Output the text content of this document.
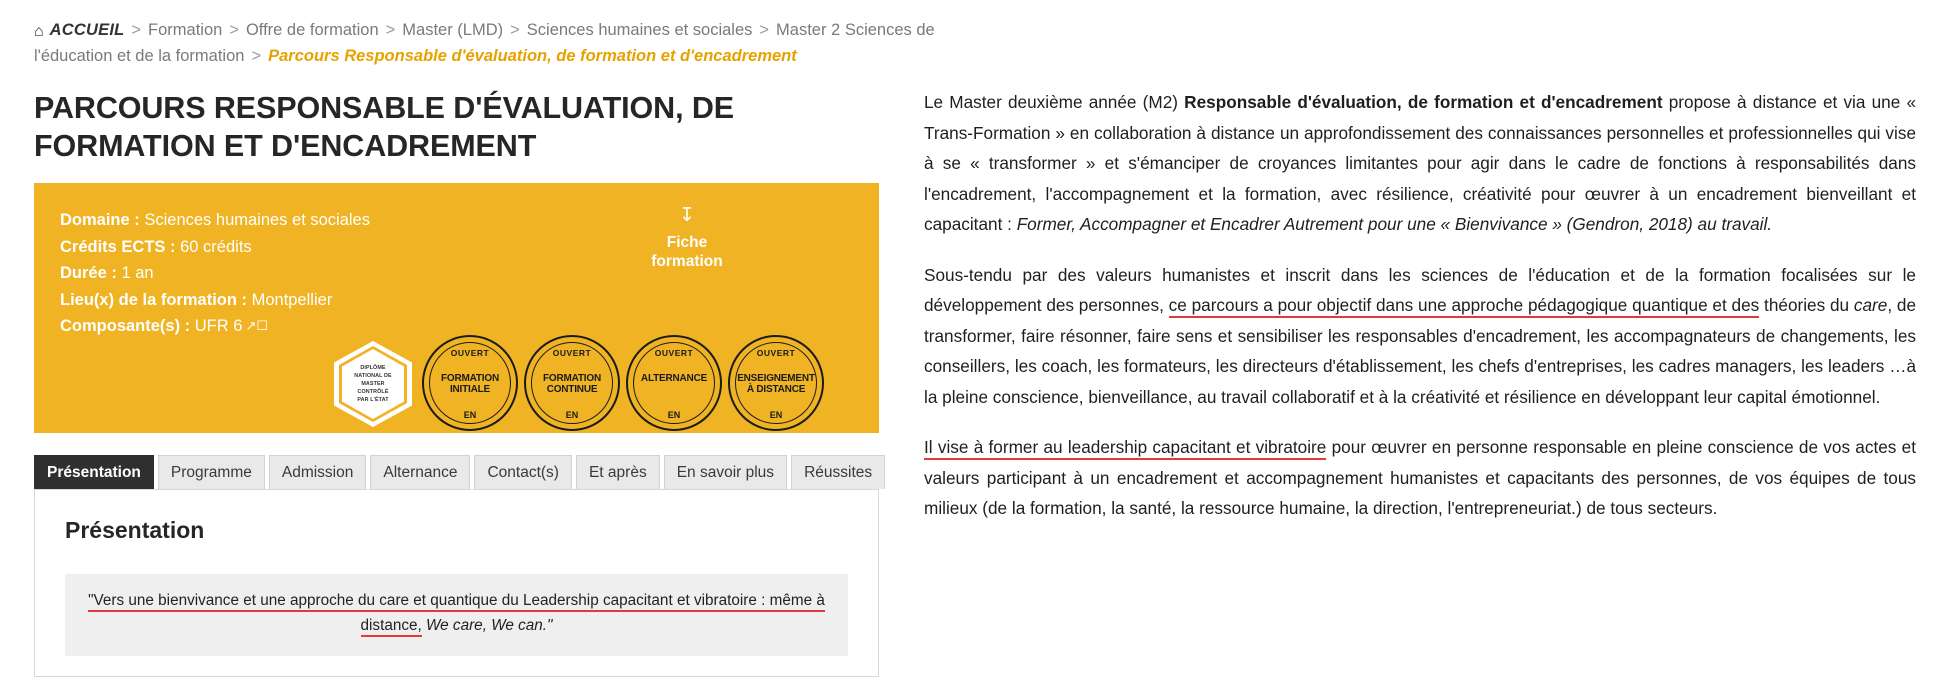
⌂ ACCUEIL > Formation > Offre de formation > Master (LMD) > Sciences humaines et sociales > Master 2 Sciences de l'éducation et de la formation > Parcours Responsable d'évaluation, de formation et d'encadrement
PARCOURS RESPONSABLE D'ÉVALUATION, DE FORMATION ET D'ENCADREMENT
Domaine : Sciences humaines et sociales
Crédits ECTS : 60 crédits
Durée : 1 an
Lieu(x) de la formation : Montpellier
Composante(s) : UFR 6 ↗☐
↧
Fiche
formation
DIPLÔME
NATIONAL DE
MASTER
CONTRÔLÉ
PAR L'ÉTAT
OUVERT
FORMATION INITIALE
EN
OUVERT
FORMATION CONTINUE
EN
OUVERT
ALTERNANCE
EN
OUVERT
ENSEIGNEMENT À DISTANCE
EN
Présentation	Programme	Admission	Alternance	Contact(s)	Et après	En savoir plus	Réussites
Présentation
"Vers une bienvivance et une approche du care et quantique du Leadership capacitant et vibratoire : même à distance, We care, We can."

Le Master deuxième année (M2) Responsable d'évaluation, de formation et d'encadrement propose à distance et via une « Trans-Formation » en collaboration à distance un approfondissement des connaissances personnelles et professionnelles qui vise à se « transformer » et s'émanciper de croyances limitantes pour agir dans le cadre de fonctions à responsabilités dans l'encadrement, l'accompagnement et la formation, avec résilience, créativité pour œuvrer à un encadrement bienveillant et capacitant : Former, Accompagner et Encadrer Autrement pour une « Bienvivance » (Gendron, 2018) au travail.

Sous-tendu par des valeurs humanistes et inscrit dans les sciences de l'éducation et de la formation focalisées sur le développement des personnes, ce parcours a pour objectif dans une approche pédagogique quantique et des théories du care, de transformer, faire résonner, faire sens et sensibiliser les responsables d'encadrement, les accompagnateurs de changements, les conseillers, les coach, les formateurs, les directeurs d'établissement, les chefs d'entreprises, les cadres managers, les leaders …à la pleine conscience, bienveillance, au travail collaboratif et à la créativité et résilience en développant leur capital émotionnel.

Il vise à former au leadership capacitant et vibratoire pour œuvrer en personne responsable en pleine conscience de vos actes et valeurs participant à un encadrement et accompagnement humanistes et capacitants des personnes, de vos équipes de tous milieux (de la formation, la santé, la ressource humaine, la direction, l'entrepreneuriat.) de tous secteurs.
